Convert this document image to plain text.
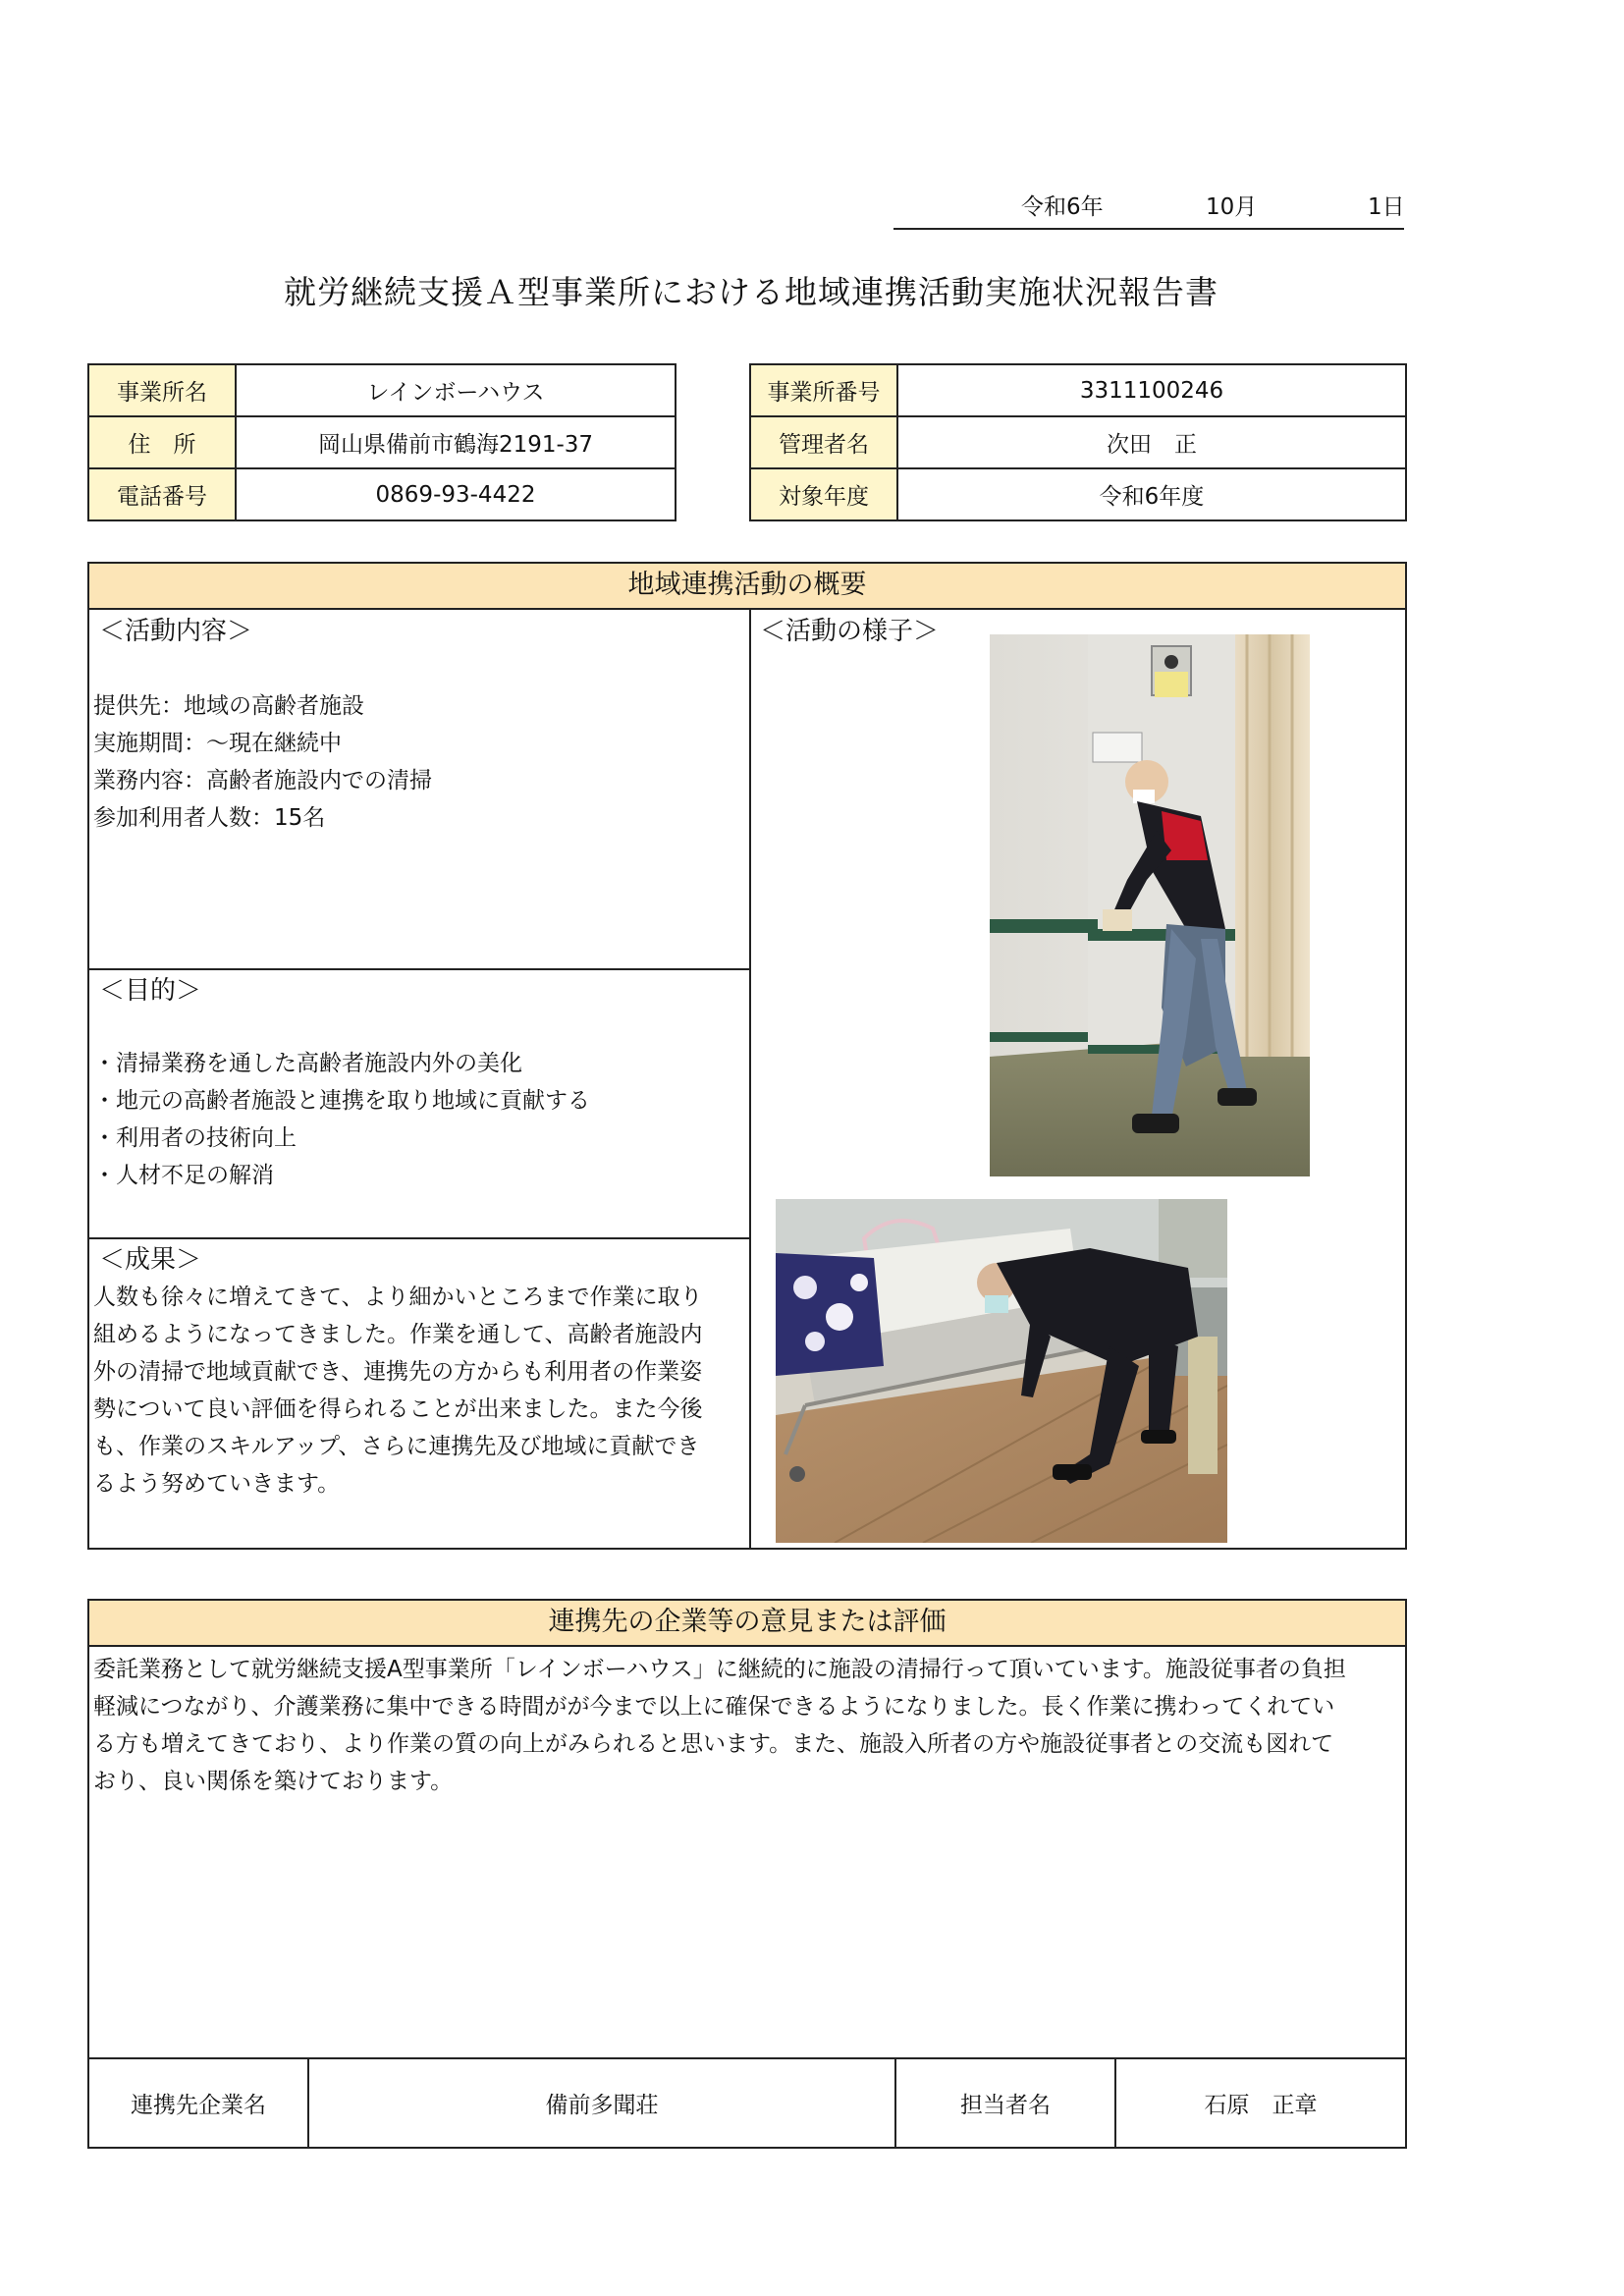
令和6年	10月	1日
就労継続支援Ａ型事業所における地域連携活動実施状況報告書
事業所名	レインボーハウス
住　所	岡山県備前市鶴海2191-37
電話番号	0869-93-4422
事業所番号	3311100246
管理者名	次田　正
対象年度	令和6年度
地域連携活動の概要
＜活動内容＞
提供先：地域の高齢者施設
実施期間：～現在継続中
業務内容：高齢者施設内での清掃
参加利用者人数：15名
＜目的＞
・清掃業務を通した高齢者施設内外の美化
・地元の高齢者施設と連携を取り地域に貢献する
・利用者の技術向上
・人材不足の解消
＜成果＞
人数も徐々に増えてきて、より細かいところまで作業に取り
組めるようになってきました。作業を通して、高齢者施設内
外の清掃で地域貢献でき、連携先の方からも利用者の作業姿
勢について良い評価を得られることが出来ました。また今後
も、作業のスキルアップ、さらに連携先及び地域に貢献でき
るよう努めていきます。
＜活動の様子＞
連携先の企業等の意見または評価
委託業務として就労継続支援A型事業所「レインボーハウス」に継続的に施設の清掃行って頂いています。施設従事者の負担
軽減につながり、介護業務に集中できる時間がが今まで以上に確保できるようになりました。長く作業に携わってくれてい
る方も増えてきており、より作業の質の向上がみられると思います。また、施設入所者の方や施設従事者との交流も図れて
おり、良い関係を築けております。
連携先企業名	備前多聞荘	担当者名	石原　正章
